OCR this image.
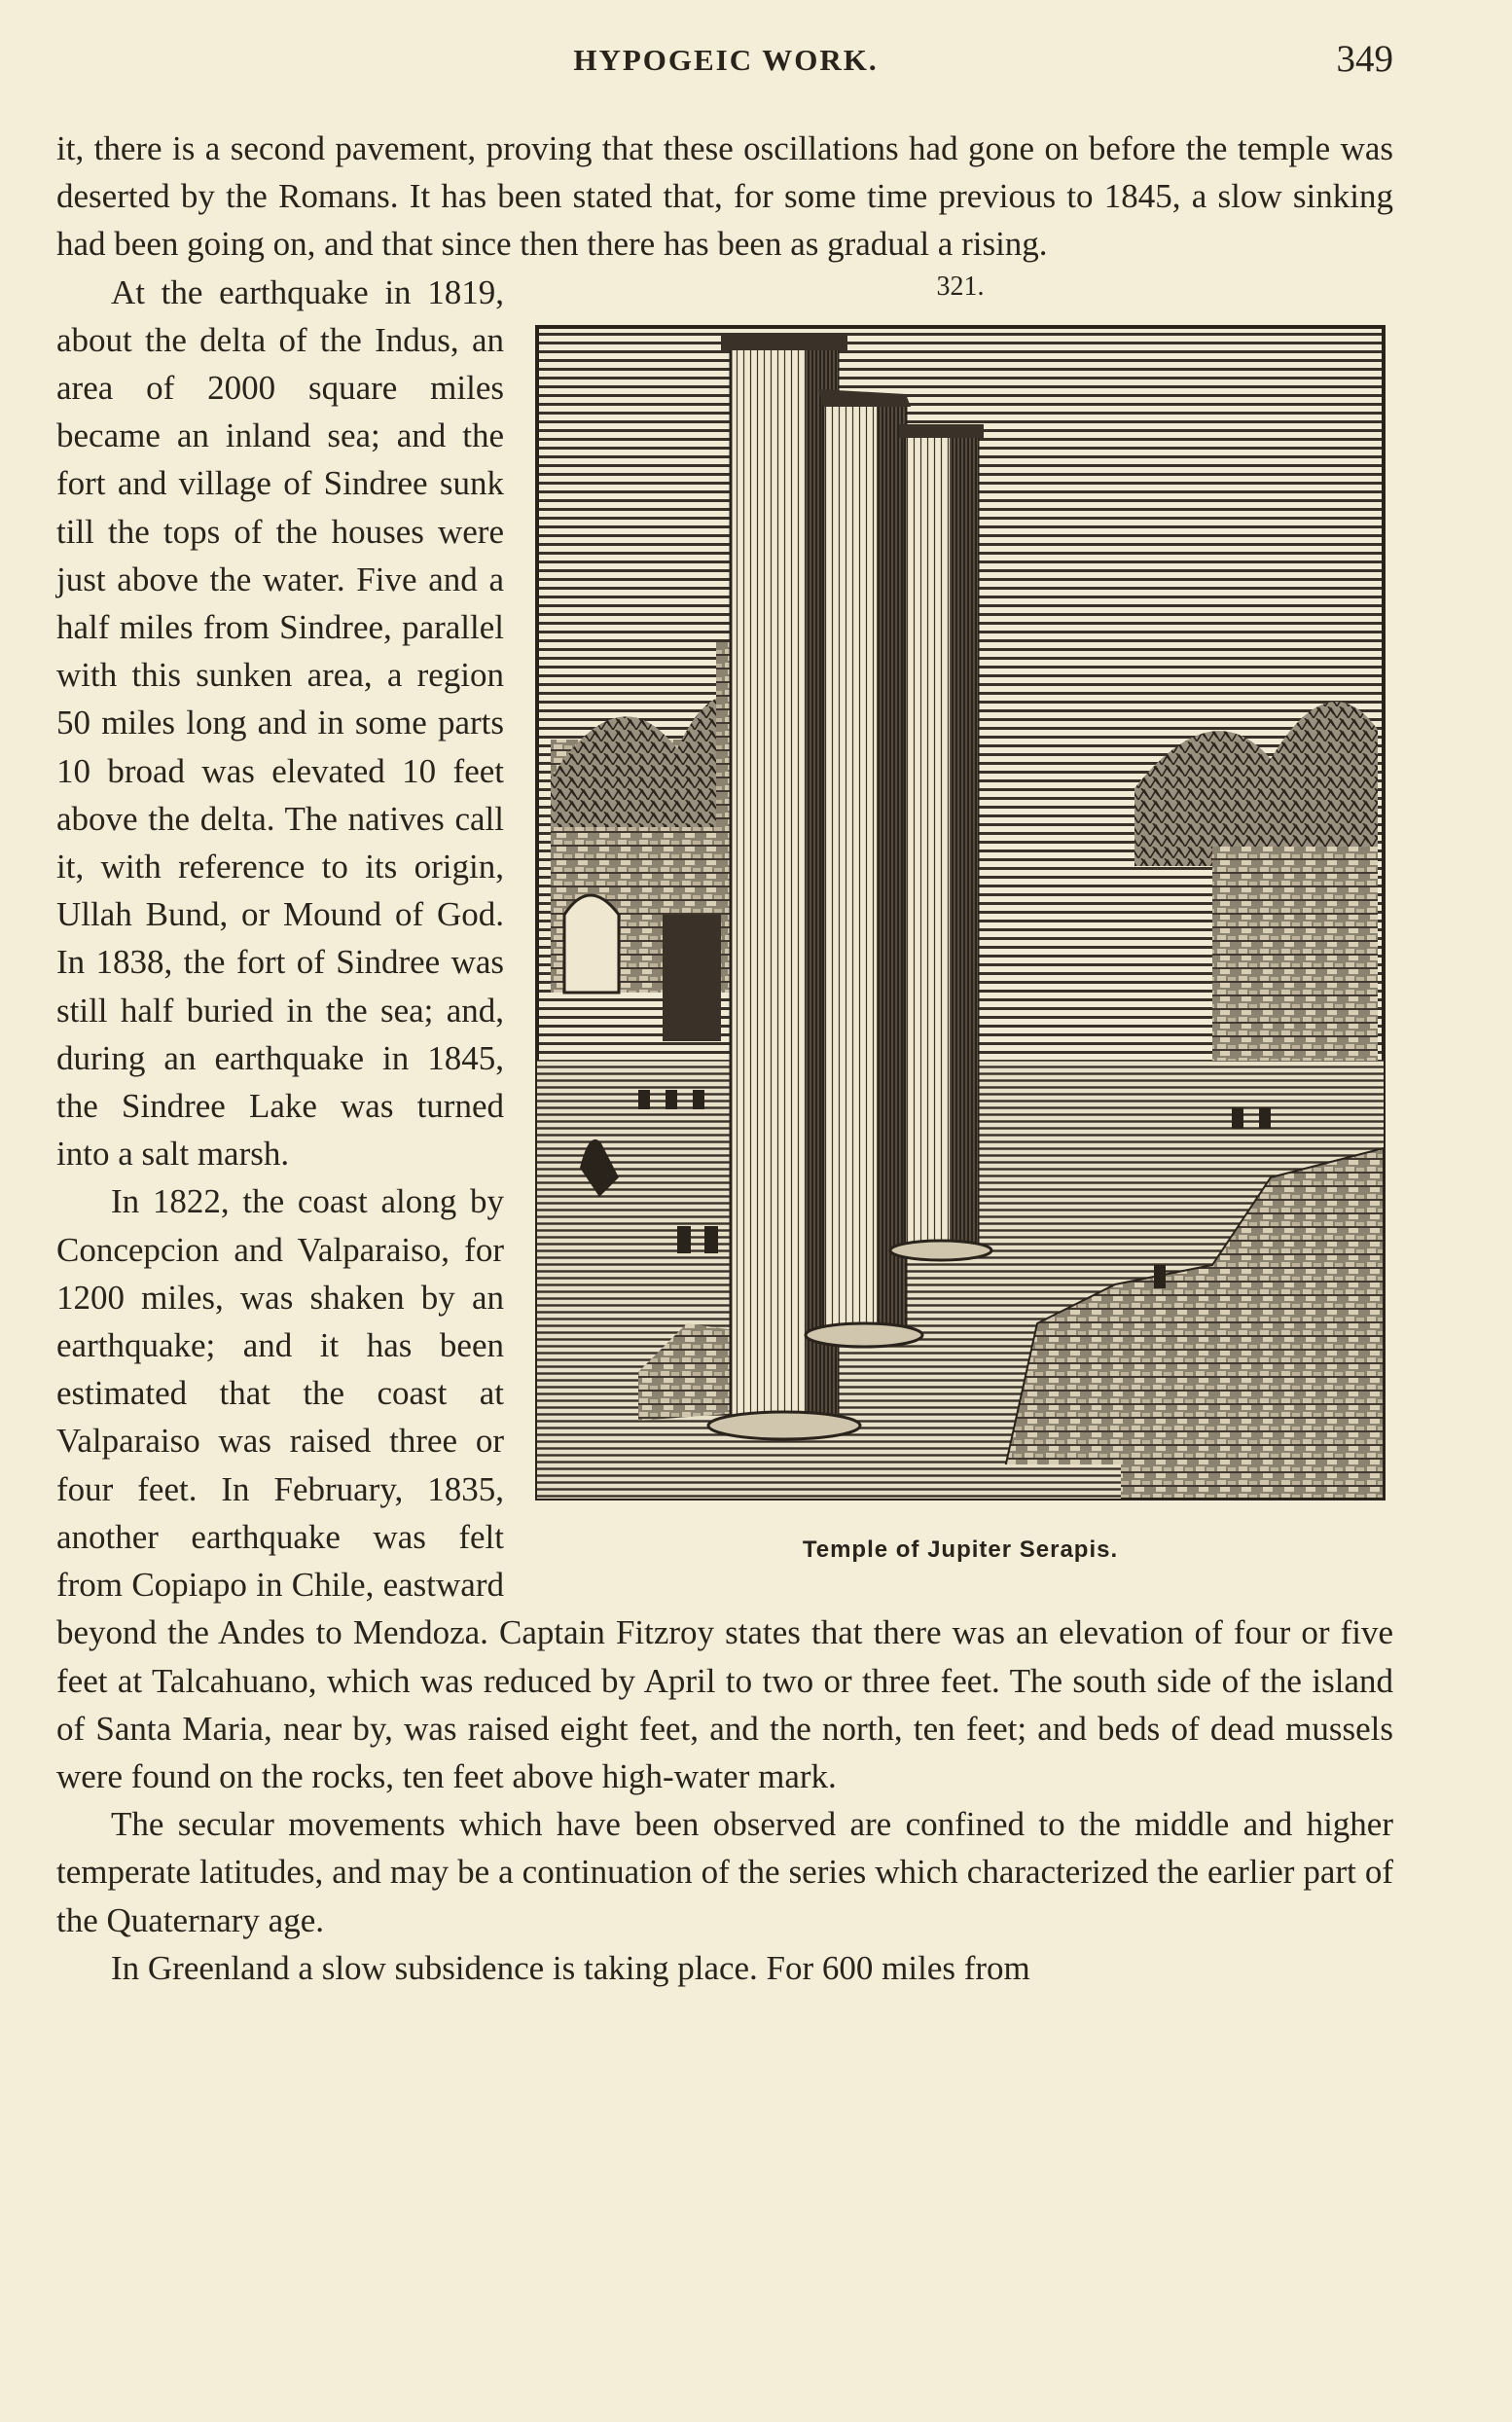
HYPOGEIC WORK.	349

it, there is a second pavement, proving that these oscillations had gone on before the temple was deserted by the Romans. It has been stated that, for some time previous to 1845, a slow sinking had been going on, and that since then there has been as gradual a rising.

321.
Temple of Jupiter Serapis.

At the earthquake in 1819, about the delta of the Indus, an area of 2000 square miles became an inland sea; and the fort and village of Sindree sunk till the tops of the houses were just above the water. Five and a half miles from Sindree, parallel with this sunken area, a region 50 miles long and in some parts 10 broad was elevated 10 feet above the delta. The natives call it, with reference to its origin, Ullah Bund, or Mound of God. In 1838, the fort of Sindree was still half buried in the sea; and, during an earthquake in 1845, the Sindree Lake was turned into a salt marsh.

In 1822, the coast along by Concepcion and Valparaiso, for 1200 miles, was shaken by an earthquake; and it has been estimated that the coast at Valparaiso was raised three or four feet. In February, 1835, another earthquake was felt from Copiapo in Chile, eastward beyond the Andes to Mendoza. Captain Fitzroy states that there was an elevation of four or five feet at Talcahuano, which was reduced by April to two or three feet. The south side of the island of Santa Maria, near by, was raised eight feet, and the north, ten feet; and beds of dead mussels were found on the rocks, ten feet above high-water mark.

The secular movements which have been observed are confined to the middle and higher temperate latitudes, and may be a continuation of the series which characterized the earlier part of the Quaternary age.

In Greenland a slow subsidence is taking place. For 600 miles from
